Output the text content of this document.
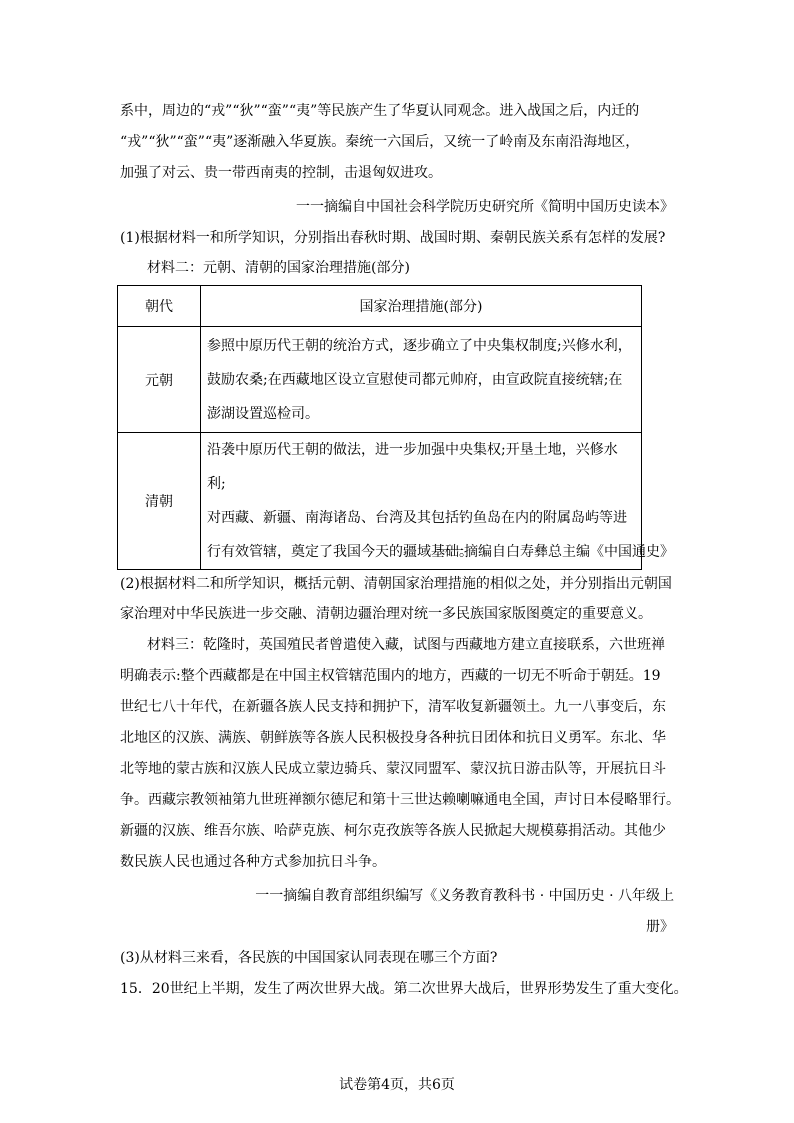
系中，周边的“戎”“狄”“蛮”“夷”等民族产生了华夏认同观念。进入战国之后，内迁的
“戎”“狄”“蛮”“夷”逐渐融入华夏族。秦统一六国后，又统一了岭南及东南沿海地区，
加强了对云、贵一带西南夷的控制，击退匈奴进攻。
一一摘编自中国社会科学院历史研究所《简明中国历史读本》
(1)根据材料一和所学知识，分别指出春秋时期、战国时期、秦朝民族关系有怎样的发展?
材料二：元朝、清朝的国家治理措施(部分)
朝代	国家治理措施(部分)
元朝	参照中原历代王朝的统治方式，逐步确立了中央集权制度;兴修水利，
鼓励农桑;在西藏地区设立宣慰使司都元帅府，由宣政院直接统辖;在
澎湖设置巡检司。

清朝	沿袭中原历代王朝的做法，进一步加强中央集权;开垦土地，兴修水利;
对西藏、新疆、南海诸岛、台湾及其包括钓鱼岛在内的附属岛屿等进
行有效管辖，奠定了我国今天的疆域基础。
一一摘编自白寿彝总主编《中国通史》
(2)根据材料二和所学知识，概括元朝、清朝国家治理措施的相似之处，并分别指出元朝国
家治理对中华民族进一步交融、清朝边疆治理对统一多民族国家版图奠定的重要意义。
材料三：乾隆时，英国殖民者曾遣使入藏，试图与西藏地方建立直接联系，六世班禅
明确表示:整个西藏都是在中国主权管辖范围内的地方，西藏的一切无不听命于朝廷。19
世纪七八十年代，在新疆各族人民支持和拥护下，清军收复新疆领土。九一八事变后，东
北地区的汉族、满族、朝鲜族等各族人民积极投身各种抗日团体和抗日义勇军。东北、华
北等地的蒙古族和汉族人民成立蒙边骑兵、蒙汉同盟军、蒙汉抗日游击队等，开展抗日斗
争。西藏宗教领袖第九世班禅额尔德尼和第十三世达赖喇嘛通电全国，声讨日本侵略罪行。
新疆的汉族、维吾尔族、哈萨克族、柯尔克孜族等各族人民掀起大规模募捐活动。其他少
数民族人民也通过各种方式参加抗日斗争。
一一摘编自教育部组织编写《义务教育教科书 · 中国历史 · 八年级上
册》
(3)从材料三来看，各民族的中国国家认同表现在哪三个方面?
15．20世纪上半期，发生了两次世界大战。第二次世界大战后，世界形势发生了重大变化。
试卷第4页，共6页
